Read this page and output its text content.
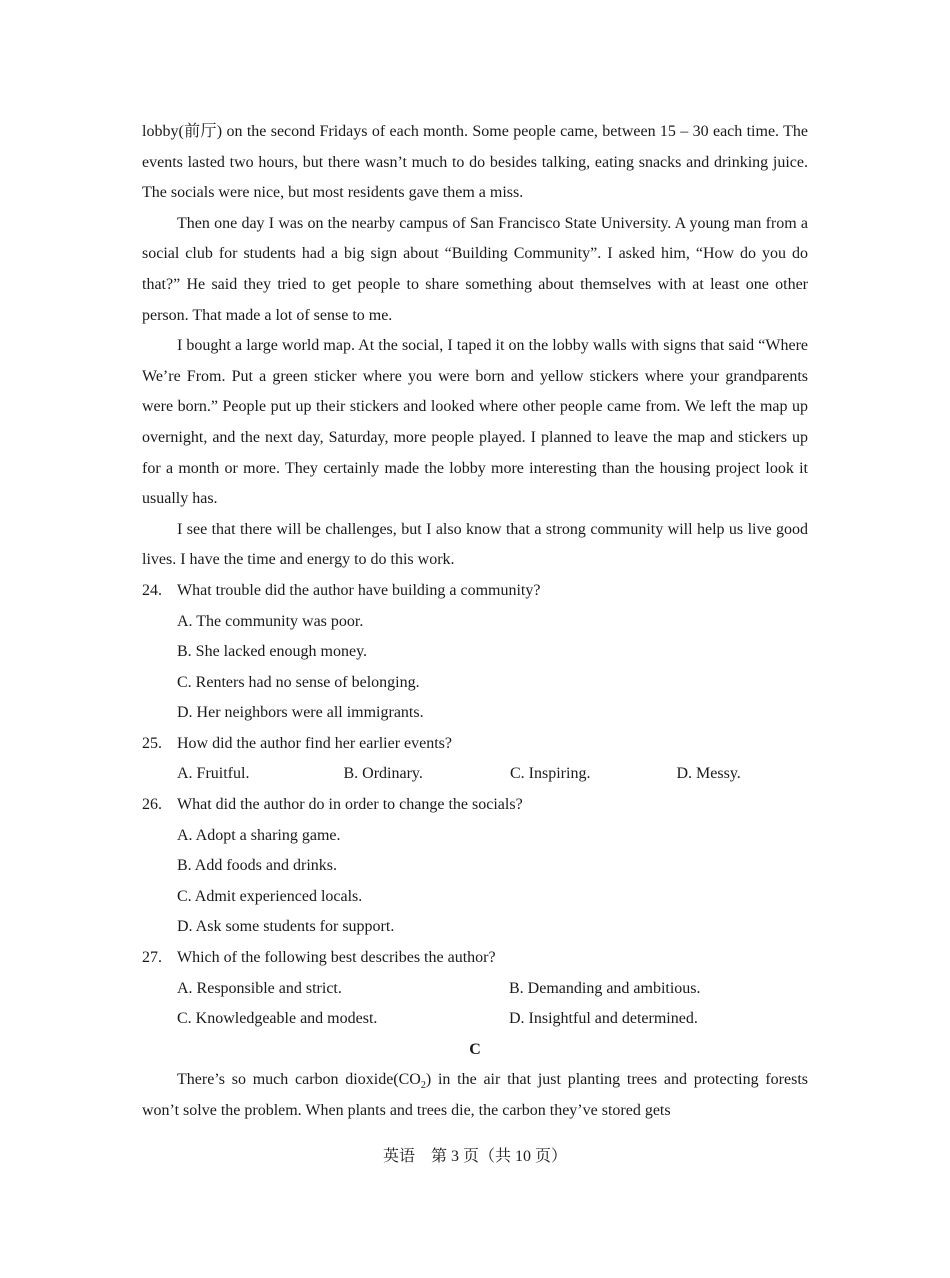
lobby(前厅) on the second Fridays of each month. Some people came, between 15 – 30 each time. The events lasted two hours, but there wasn’t much to do besides talking, eating snacks and drinking juice. The socials were nice, but most residents gave them a miss.

Then one day I was on the nearby campus of San Francisco State University. A young man from a social club for students had a big sign about “Building Community”. I asked him, “How do you do that?” He said they tried to get people to share something about themselves with at least one other person. That made a lot of sense to me.

I bought a large world map. At the social, I taped it on the lobby walls with signs that said “Where We’re From. Put a green sticker where you were born and yellow stickers where your grandparents were born.” People put up their stickers and looked where other people came from. We left the map up overnight, and the next day, Saturday, more people played. I planned to leave the map and stickers up for a month or more. They certainly made the lobby more interesting than the housing project look it usually has.

I see that there will be challenges, but I also know that a strong community will help us live good lives. I have the time and energy to do this work.

24. What trouble did the author have building a community?
A. The community was poor.
B. She lacked enough money.
C. Renters had no sense of belonging.
D. Her neighbors were all immigrants.
25. How did the author find her earlier events?
A. Fruitful.	B. Ordinary.	C. Inspiring.	D. Messy.
26. What did the author do in order to change the socials?
A. Adopt a sharing game.
B. Add foods and drinks.
C. Admit experienced locals.
D. Ask some students for support.
27. Which of the following best describes the author?
A. Responsible and strict.	B. Demanding and ambitious.
C. Knowledgeable and modest.	D. Insightful and determined.
C

There’s so much carbon $dioxide(CO_2)$ in the air that just planting trees and protecting forests won’t solve the problem. When plants and trees die, the carbon they’ve stored gets

英语　第 3 页（共 10 页）
